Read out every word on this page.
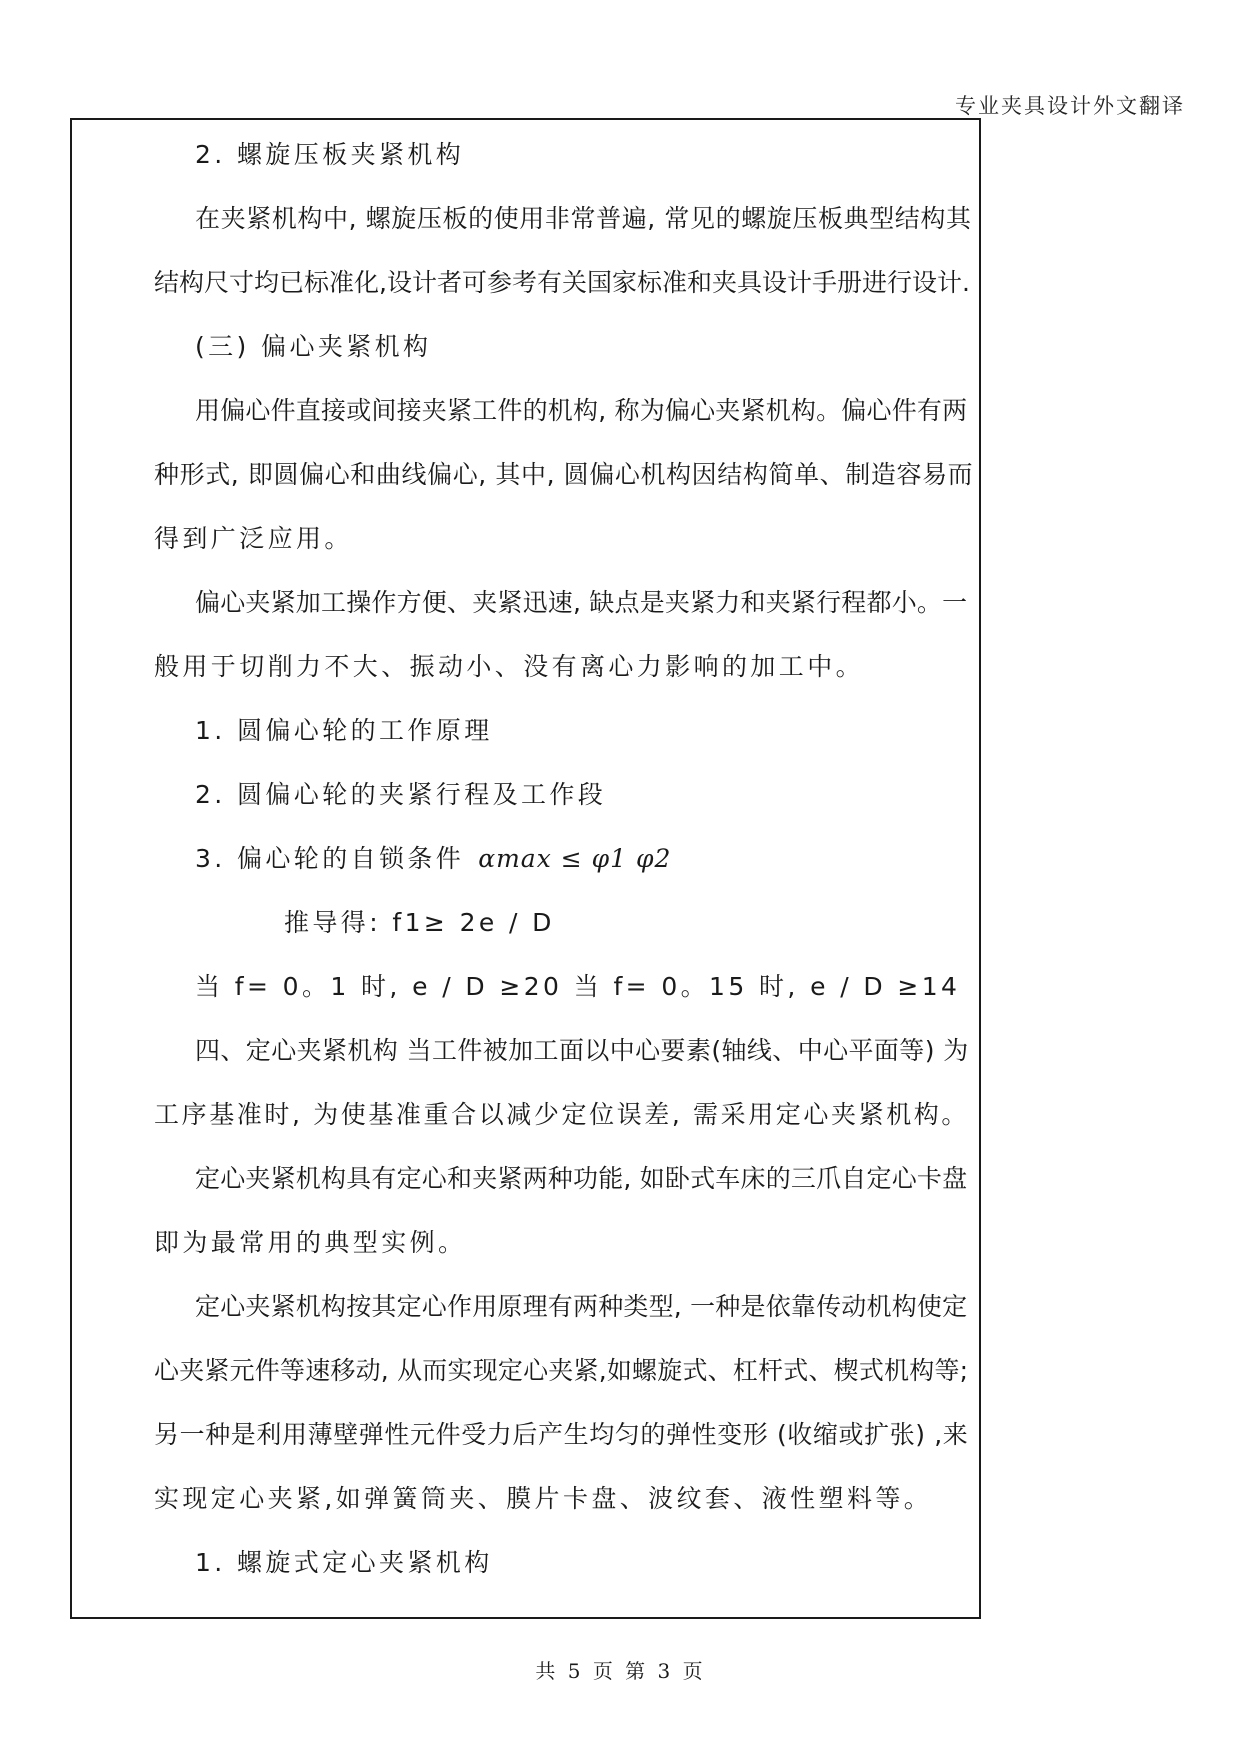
专业夹具设计外文翻译
2. 螺旋压板夹紧机构
在夹紧机构中, 螺旋压板的使用非常普遍, 常见的螺旋压板典型结构其
结构尺寸均已标准化,设计者可参考有关国家标准和夹具设计手册进行设计.
(三) 偏心夹紧机构
用偏心件直接或间接夹紧工件的机构, 称为偏心夹紧机构。偏心件有两
种形式, 即圆偏心和曲线偏心, 其中, 圆偏心机构因结构简单、制造容易而
得到广泛应用。
偏心夹紧加工操作方便、夹紧迅速, 缺点是夹紧力和夹紧行程都小。一
般用于切削力不大、振动小、没有离心力影响的加工中。
1. 圆偏心轮的工作原理
2. 圆偏心轮的夹紧行程及工作段
3. 偏心轮的自锁条件 αmax ≤ φ1 φ2
推导得: f1≥ 2e / D
当 f= 0。1 时, e / D ≥20 当 f= 0。15 时, e / D ≥14
四、定心夹紧机构 当工件被加工面以中心要素(轴线、中心平面等) 为
工序基准时, 为使基准重合以减少定位误差, 需采用定心夹紧机构。
定心夹紧机构具有定心和夹紧两种功能, 如卧式车床的三爪自定心卡盘
即为最常用的典型实例。
定心夹紧机构按其定心作用原理有两种类型, 一种是依靠传动机构使定
心夹紧元件等速移动, 从而实现定心夹紧,如螺旋式、杠杆式、楔式机构等;
另一种是利用薄壁弹性元件受力后产生均匀的弹性变形 (收缩或扩张) ,来
实现定心夹紧,如弹簧筒夹、膜片卡盘、波纹套、液性塑料等。
1. 螺旋式定心夹紧机构
共 5 页 第 3 页
